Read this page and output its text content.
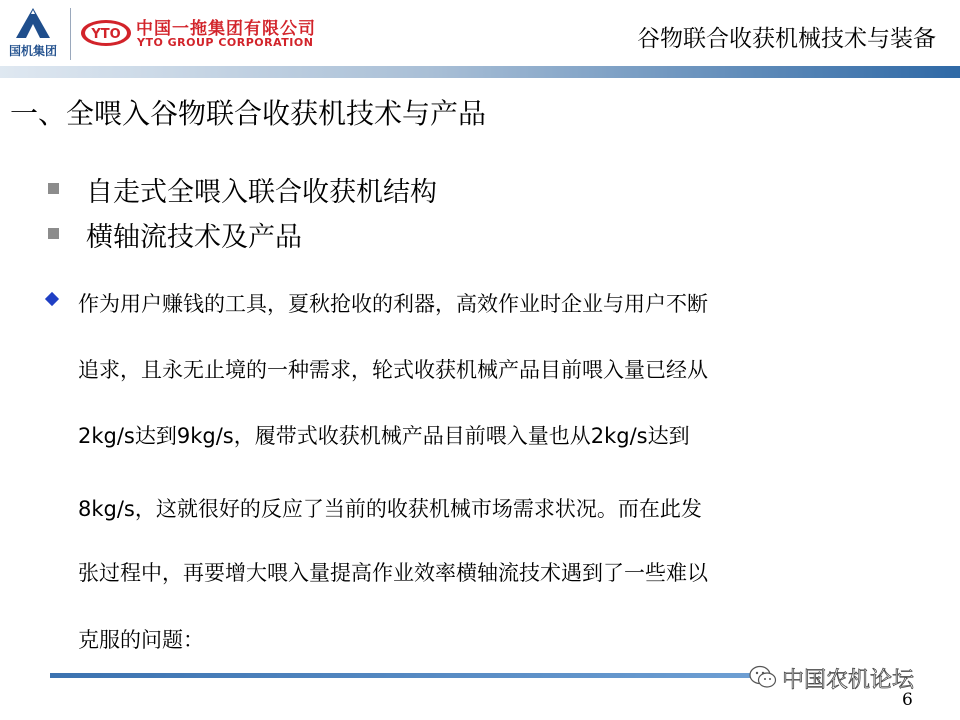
国机集团
YTO 中国一拖集团有限公司
YTO GROUP CORPORATION	谷物联合收获机械技术与装备
一、全喂入谷物联合收获机技术与产品
自走式全喂入联合收获机结构
横轴流技术及产品
作为用户赚钱的工具，夏秋抢收的利器，高效作业时企业与用户不断
追求，且永无止境的一种需求，轮式收获机械产品目前喂入量已经从
2kg/s达到9kg/s，履带式收获机械产品目前喂入量也从2kg/s达到
8kg/s，这就很好的反应了当前的收获机械市场需求状况。而在此发
张过程中，再要增大喂入量提高作业效率横轴流技术遇到了一些难以
克服的问题：
中国农机论坛
6
